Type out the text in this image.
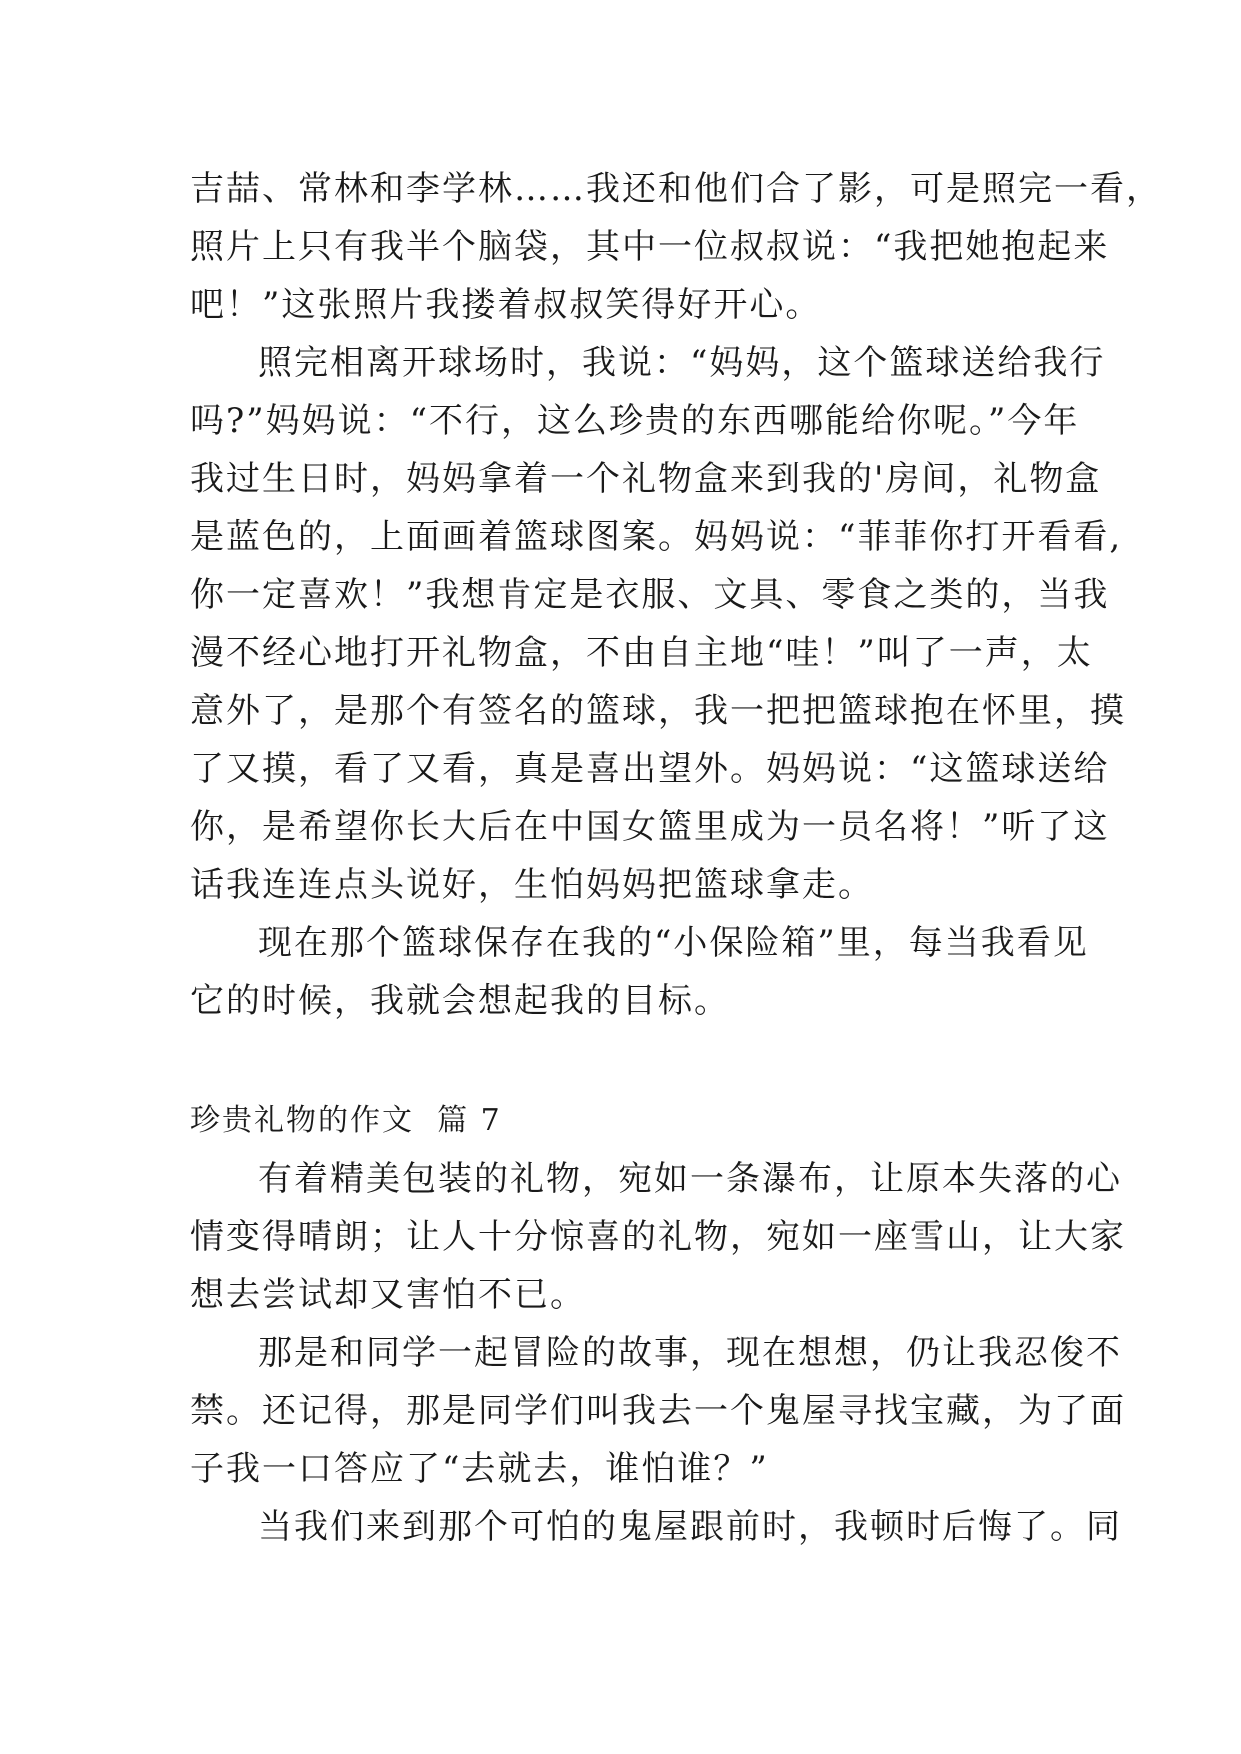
吉喆、常林和李学林……我还和他们合了影，可是照完一看，
照片上只有我半个脑袋，其中一位叔叔说：“我把她抱起来
吧！”这张照片我搂着叔叔笑得好开心。

照完相离开球场时，我说：“妈妈，这个篮球送给我行
吗?”妈妈说：“不行，这么珍贵的东西哪能给你呢。”今年
我过生日时，妈妈拿着一个礼物盒来到我的'房间，礼物盒
是蓝色的，上面画着篮球图案。妈妈说：“菲菲你打开看看,
你一定喜欢！”我想肯定是衣服、文具、零食之类的，当我
漫不经心地打开礼物盒，不由自主地“哇！”叫了一声，太
意外了，是那个有签名的篮球，我一把把篮球抱在怀里，摸
了又摸，看了又看，真是喜出望外。妈妈说：“这篮球送给
你，是希望你长大后在中国女篮里成为一员名将！”听了这
话我连连点头说好，生怕妈妈把篮球拿走。

现在那个篮球保存在我的“小保险箱”里，每当我看见
它的时候，我就会想起我的目标。

珍贵礼物的作文  篇 7

有着精美包装的礼物，宛如一条瀑布，让原本失落的心
情变得晴朗；让人十分惊喜的礼物，宛如一座雪山，让大家
想去尝试却又害怕不已。

那是和同学一起冒险的故事，现在想想，仍让我忍俊不
禁。还记得，那是同学们叫我去一个鬼屋寻找宝藏，为了面
子我一口答应了“去就去，谁怕谁？”

当我们来到那个可怕的鬼屋跟前时，我顿时后悔了。同
